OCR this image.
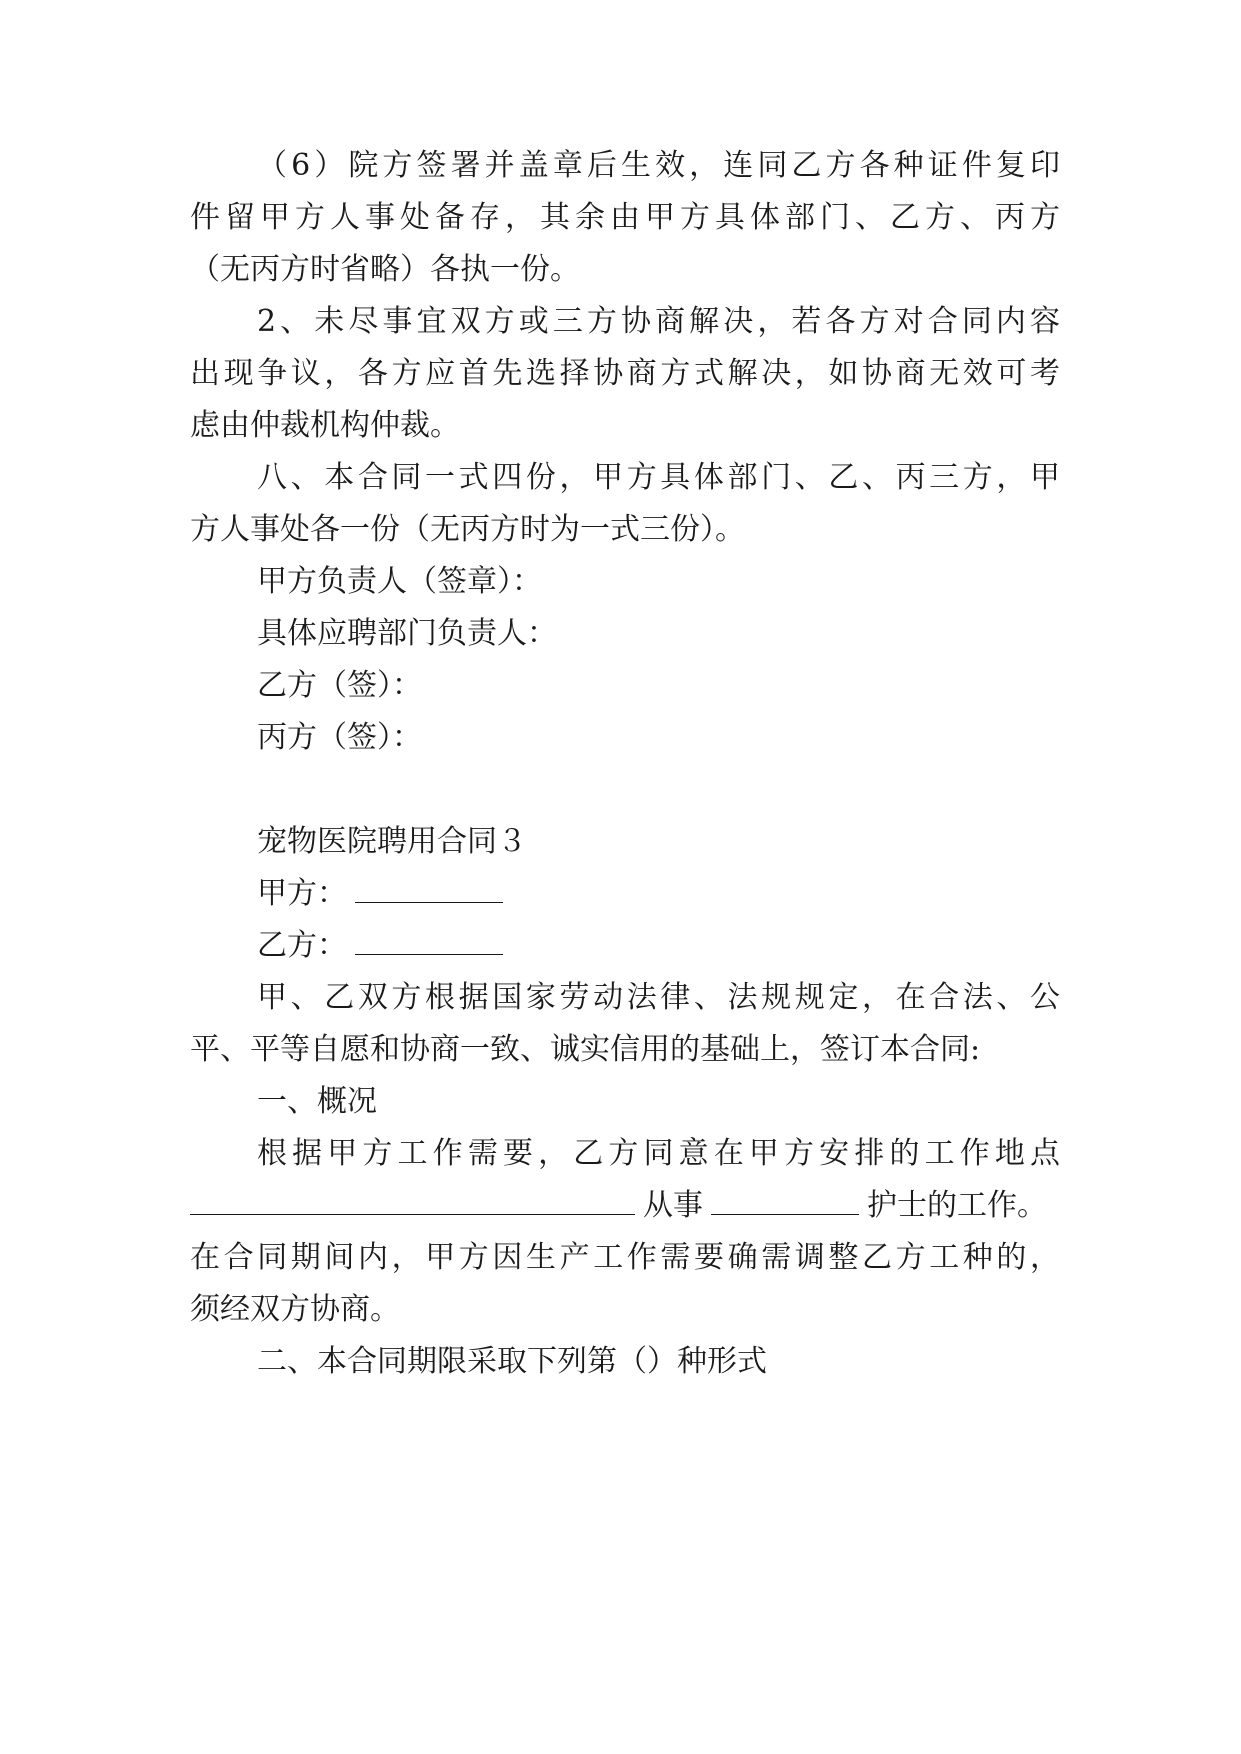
（6）院方签署并盖章后生效，连同乙方各种证件复印
件留甲方人事处备存，其余由甲方具体部门、乙方、丙方
（无丙方时省略）各执一份。
2、未尽事宜双方或三方协商解决，若各方对合同内容
出现争议，各方应首先选择协商方式解决，如协商无效可考
虑由仲裁机构仲裁。
八、本合同一式四份，甲方具体部门、乙、丙三方，甲
方人事处各一份（无丙方时为一式三份）。
甲方负责人（签章）：
具体应聘部门负责人：
乙方（签）：
丙方（签）：
宠物医院聘用合同３
甲方：
乙方：
甲、乙双方根据国家劳动法律、法规规定，在合法、公
平、平等自愿和协商一致、诚实信用的基础上，签订本合同:
一、概况
根据甲方工作需要，乙方同意在甲方安排的工作地点
从事	护士的工作。
在合同期间内，甲方因生产工作需要确需调整乙方工种的，
须经双方协商。
二、本合同期限采取下列第（）种形式
